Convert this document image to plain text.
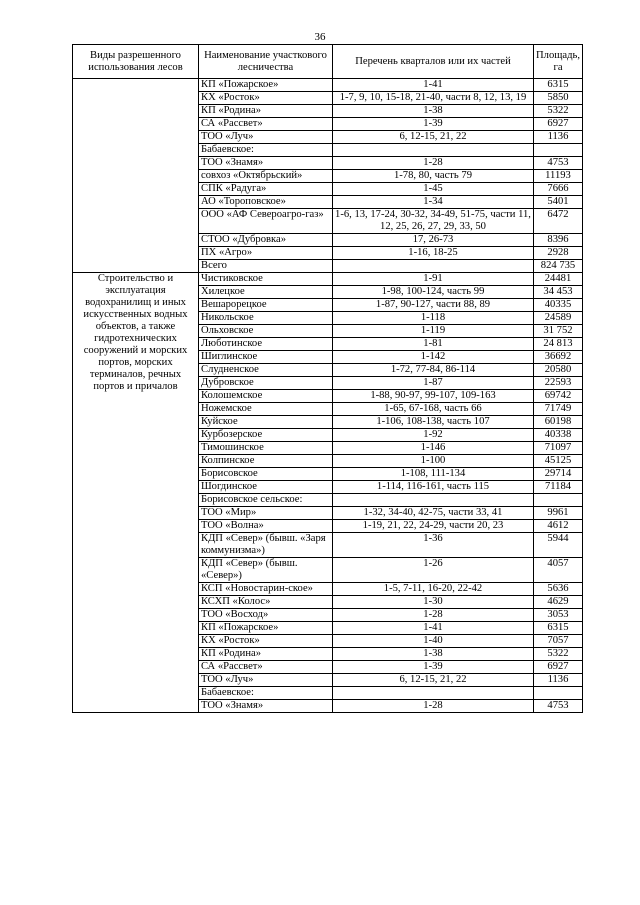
36
Виды разрешенного использования лесов	Наименование участкового лесничества	Перечень кварталов или их частей	Площадь, га
	КП «Пожарское»	1-41	6315
	КХ «Росток»	1-7, 9, 10, 15-18, 21-40, части 8, 12, 13, 19	5850
	КП «Родина»	1-38	5322
	СА «Рассвет»	1-39	6927
	ТОО «Луч»	6, 12-15, 21, 22	1136
	Бабаевское:		
	ТОО «Знамя»	1-28	4753
	совхоз «Октябрьский»	1-78, 80, часть 79	11193
	СПК «Радуга»	1-45	7666
	АО «Тороповское»	1-34	5401
	ООО «АФ Североагро-газ»	1-6, 13, 17-24, 30-32, 34-49, 51-75, части 11, 12, 25, 26, 27, 29, 33, 50	6472
	СТОО «Дубровка»	17, 26-73	8396
	ПХ «Агро»	1-16, 18-25	2928
	Всего		824 735
Строительство и эксплуатация водохранилищ и иных искусственных водных объектов, а также гидротехнических сооружений и морских портов, морских терминалов, речных портов и причалов	Чистиковское	1-91	24481
	Хилецкое	1-98, 100-124, часть 99	34 453
	Вешарорецкое	1-87, 90-127, части 88, 89	40335
	Никольское	1-118	24589
	Ольховское	1-119	31 752
	Люботинское	1-81	24 813
	Шиглинское	1-142	36692
	Слудненское	1-72, 77-84, 86-114	20580
	Дубровское	1-87	22593
	Колошемское	1-88, 90-97, 99-107, 109-163	69742
	Ножемское	1-65, 67-168, часть 66	71749
	Куйское	1-106, 108-138, часть 107	60198
	Курбозерское	1-92	40338
	Тимошинское	1-146	71097
	Колпинское	1-100	45125
	Борисовское	1-108, 111-134	29714
	Шогдинское	1-114, 116-161, часть 115	71184
	Борисовское сельское:		
	ТОО «Мир»	1-32, 34-40, 42-75, части 33, 41	9961
	ТОО «Волна»	1-19, 21, 22, 24-29, части 20, 23	4612
	КДП «Север» (бывш. «Заря коммунизма»)	1-36	5944
	КДП «Север» (бывш. «Север»)	1-26	4057
	КСП «Новостарин-ское»	1-5, 7-11, 16-20, 22-42	5636
	КСХП «Колос»	1-30	4629
	ТОО «Восход»	1-28	3053
	КП «Пожарское»	1-41	6315
	КХ «Росток»	1-40	7057
	КП «Родина»	1-38	5322
	СА «Рассвет»	1-39	6927
	ТОО «Луч»	6, 12-15, 21, 22	1136
	Бабаевское:		
	ТОО «Знамя»	1-28	4753
